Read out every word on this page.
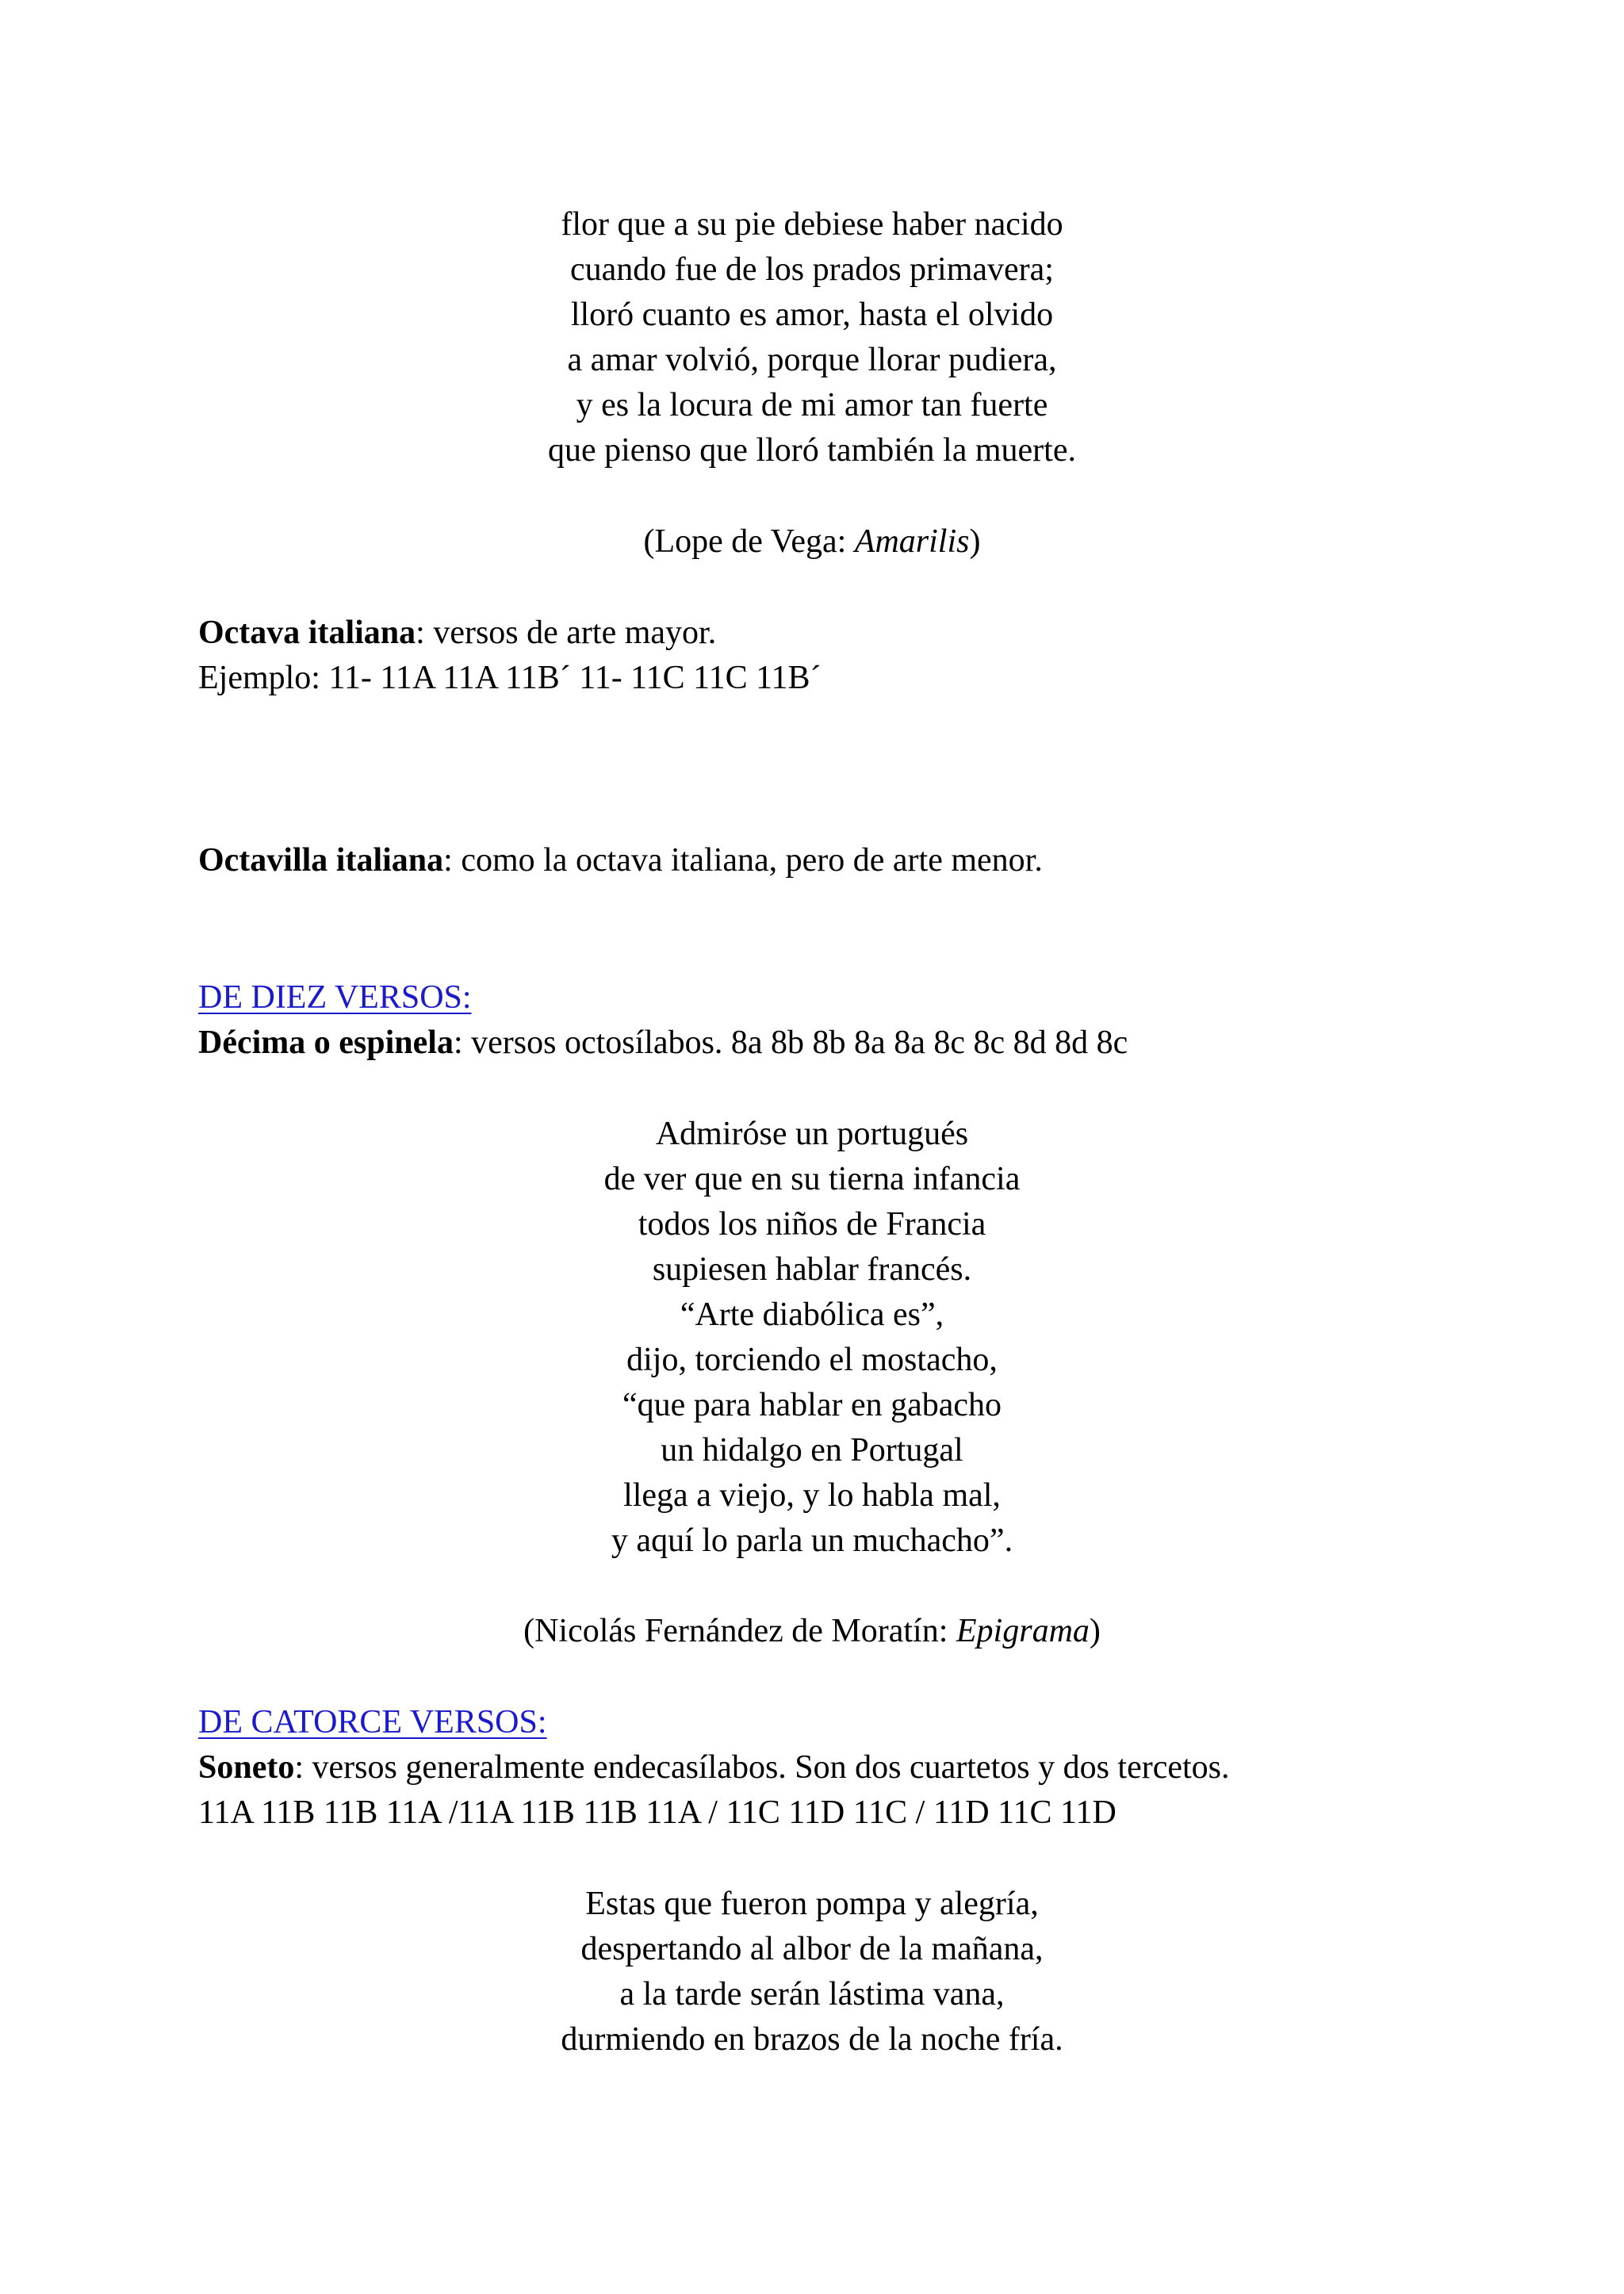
flor que a su pie debiese haber nacido
cuando fue de los prados primavera;
lloró cuanto es amor, hasta el olvido
a amar volvió, porque llorar pudiera,
y es la locura de mi amor tan fuerte
que pienso que lloró también la muerte.
(Lope de Vega: Amarilis)
Octava italiana: versos de arte mayor.
Ejemplo: 11- 11A 11A 11B´ 11- 11C 11C 11B´
Octavilla italiana: como la octava italiana, pero de arte menor.
DE DIEZ VERSOS:
Décima o espinela: versos octosílabos. 8a 8b 8b 8a 8a 8c 8c 8d 8d 8c
Admiróse un portugués
de ver que en su tierna infancia
todos los niños de Francia
supiesen hablar francés.
“Arte diabólica es”,
dijo, torciendo el mostacho,
“que para hablar en gabacho
un hidalgo en Portugal
llega a viejo, y lo habla mal,
y aquí lo parla un muchacho”.
(Nicolás Fernández de Moratín: Epigrama)
DE CATORCE VERSOS:
Soneto: versos generalmente endecasílabos. Son dos cuartetos y dos tercetos.
11A 11B 11B 11A /11A 11B 11B 11A / 11C 11D 11C / 11D 11C 11D
Estas que fueron pompa y alegría,
despertando al albor de la mañana,
a la tarde serán lástima vana,
durmiendo en brazos de la noche fría.
